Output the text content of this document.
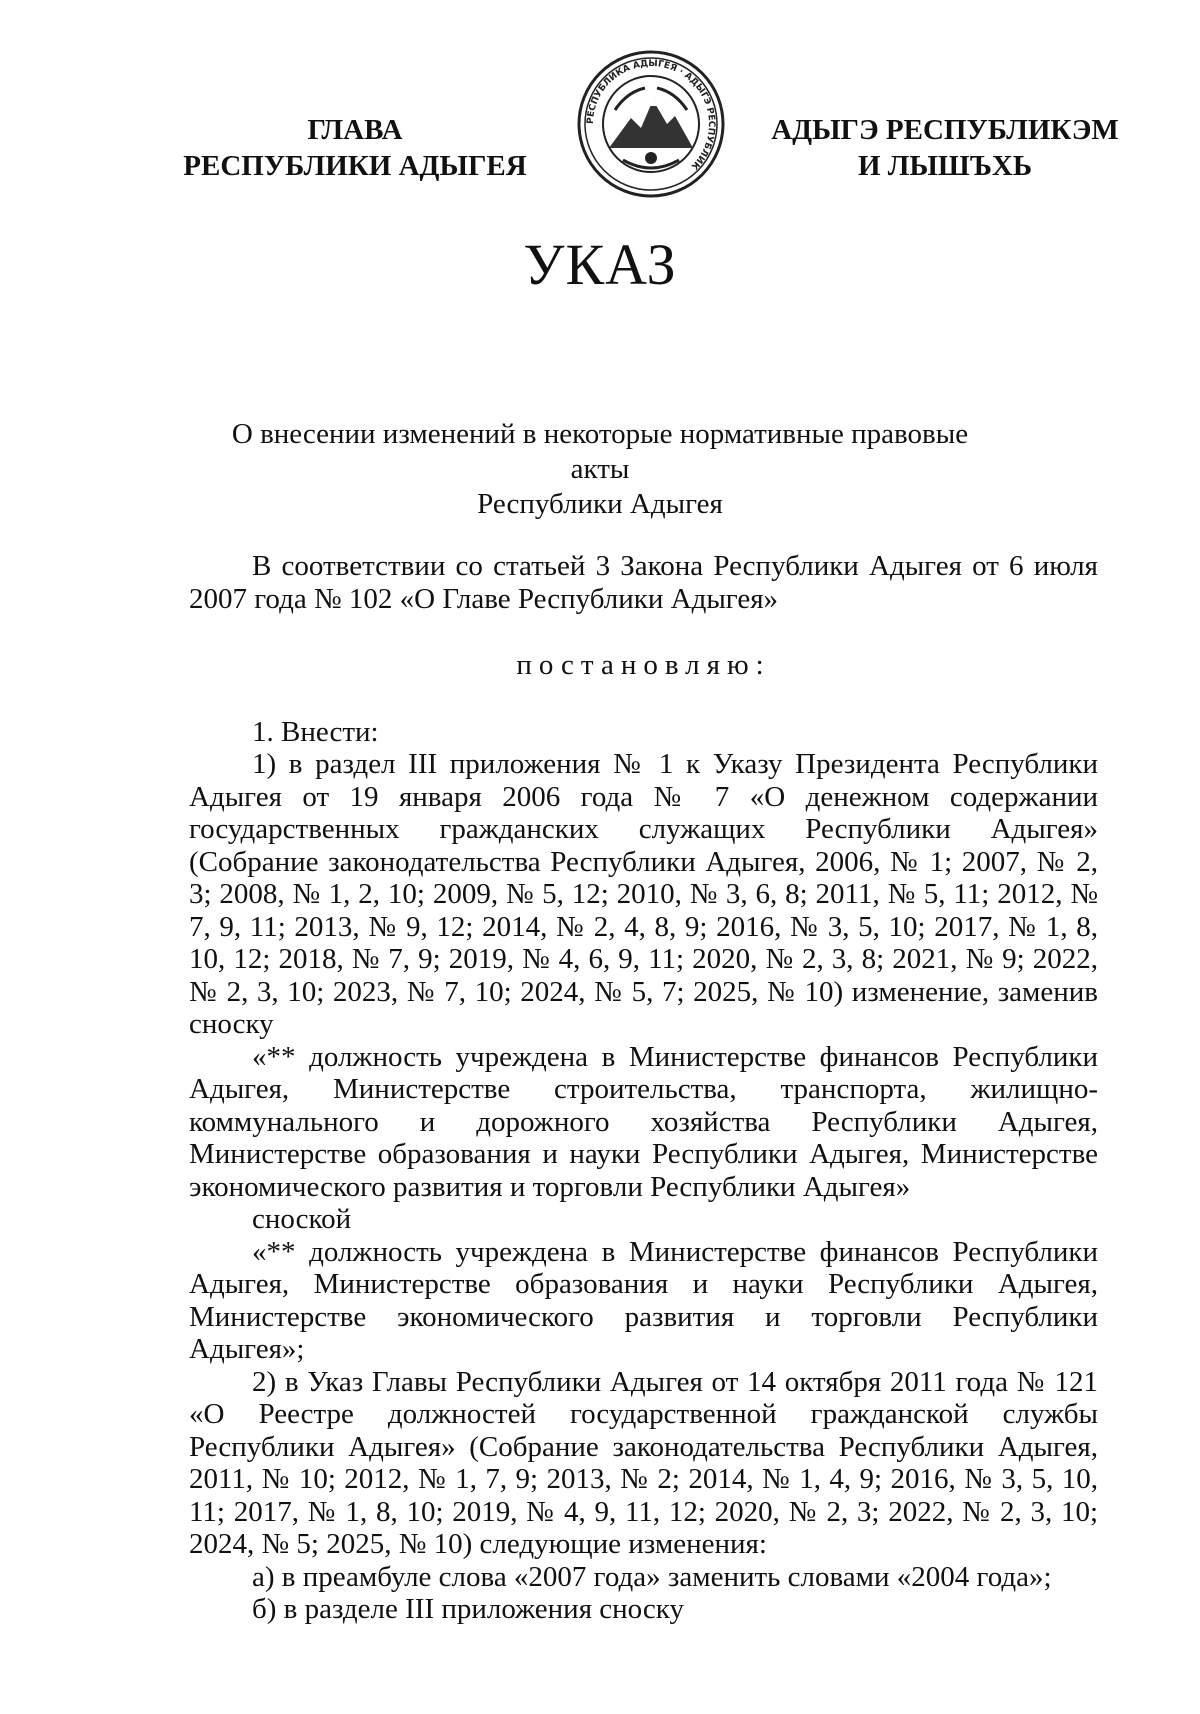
ГЛАВА
РЕСПУБЛИКИ АДЫГЕЯ
РЕСПУБЛИКА АДЫГЕЯ · АДЫГЭ РЕСПУБЛИК
АДЫГЭ РЕСПУБЛИКЭМ
И ЛЫШЪХЬ
УКАЗ
О внесении изменений в некоторые нормативные правовые акты
Республики Адыгея

В соответствии со статьей 3 Закона Республики Адыгея от 6 июля 2007 года № 102 «О Главе Республики Адыгея»

постановляю:

1. Внести:

1) в раздел III приложения № 1 к Указу Президента Республики Адыгея от 19 января 2006 года № 7 «О денежном содержании государственных гражданских служащих Республики Адыгея» (Собрание законодательства Республики Адыгея, 2006, № 1; 2007, № 2, 3; 2008, № 1, 2, 10; 2009, № 5, 12; 2010, № 3, 6, 8; 2011, № 5, 11; 2012, № 7, 9, 11; 2013, № 9, 12; 2014, № 2, 4, 8, 9; 2016, № 3, 5, 10; 2017, № 1, 8, 10, 12; 2018, № 7, 9; 2019, № 4, 6, 9, 11; 2020, № 2, 3, 8; 2021, № 9; 2022, № 2, 3, 10; 2023, № 7, 10; 2024, № 5, 7; 2025, № 10) изменение, заменив сноску

«** должность учреждена в Министерстве финансов Республики Адыгея, Министерстве строительства, транспорта, жилищно-коммунального и дорожного хозяйства Республики Адыгея, Министерстве образования и науки Республики Адыгея, Министерстве экономического развития и торговли Республики Адыгея»

сноской

«** должность учреждена в Министерстве финансов Республики Адыгея, Министерстве образования и науки Республики Адыгея, Министерстве экономического развития и торговли Республики Адыгея»;

2) в Указ Главы Республики Адыгея от 14 октября 2011 года № 121 «О Реестре должностей государственной гражданской службы Республики Адыгея» (Собрание законодательства Республики Адыгея, 2011, № 10; 2012, № 1, 7, 9; 2013, № 2; 2014, № 1, 4, 9; 2016, № 3, 5, 10, 11; 2017, № 1, 8, 10; 2019, № 4, 9, 11, 12; 2020, № 2, 3; 2022, № 2, 3, 10; 2024, № 5; 2025, № 10) следующие изменения:

а) в преамбуле слова «2007 года» заменить словами «2004 года»;

б) в разделе III приложения сноску
